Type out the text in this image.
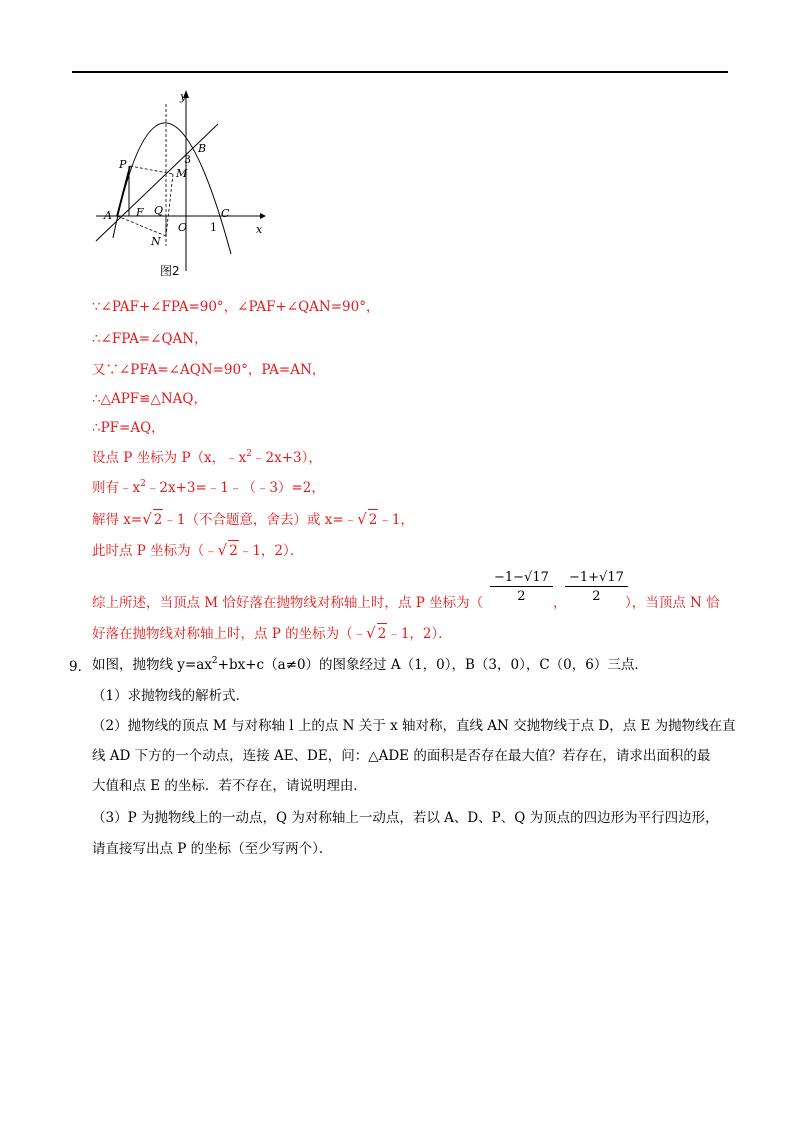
y
x
P
B
3
M
A F Q
O 1
C
N
图2
∵∠PAF+∠FPA=90°，∠PAF+∠QAN=90°，
∴∠FPA=∠QAN，
又∵∠PFA=∠AQN=90°，PA=AN，
∴△APF≌△NAQ，
∴PF=AQ，
设点 P 坐标为 P（x，$﹣x^2﹣2x+3$），
则有$﹣x^2﹣2x+3=﹣1﹣(﹣3)=2$，
解得 x=√ 2﹣1（不合题意，舍去）或 x=﹣√ 2﹣1，
此时点 P 坐标为（﹣√ 2﹣1，2）．
综上所述，当顶点 M 恰好落在抛物线对称轴上时，点 P 坐标为（ $\frac{-1-√17}{2}$ ，
$\frac{-1+√17}{2}$
），当顶点 N 恰
好落在抛物线对称轴上时，点 P 的坐标为（﹣√ 2﹣1，2）．
9． 如图，抛物线 $y=ax^2+bx+c(a\ne 0)$的图象经过 A（1，0），B（3，0），C（0，6）三点．
（1）求抛物线的解析式．
（2）抛物线的顶点 M 与对称轴 l 上的点 N 关于 x 轴对称，直线 AN 交抛物线于点 D，点 E 为抛物线在直
线 AD 下方的一个动点，连接 AE、DE，问：△ADE 的面积是否存在最大值？若存在，请求出面积的最
大值和点 E 的坐标．若不存在，请说明理由．
（3）P 为抛物线上的一动点，Q 为对称轴上一动点，若以 A、D、P、Q 为顶点的四边形为平行四边形，
请直接写出点 P 的坐标（至少写两个）．
